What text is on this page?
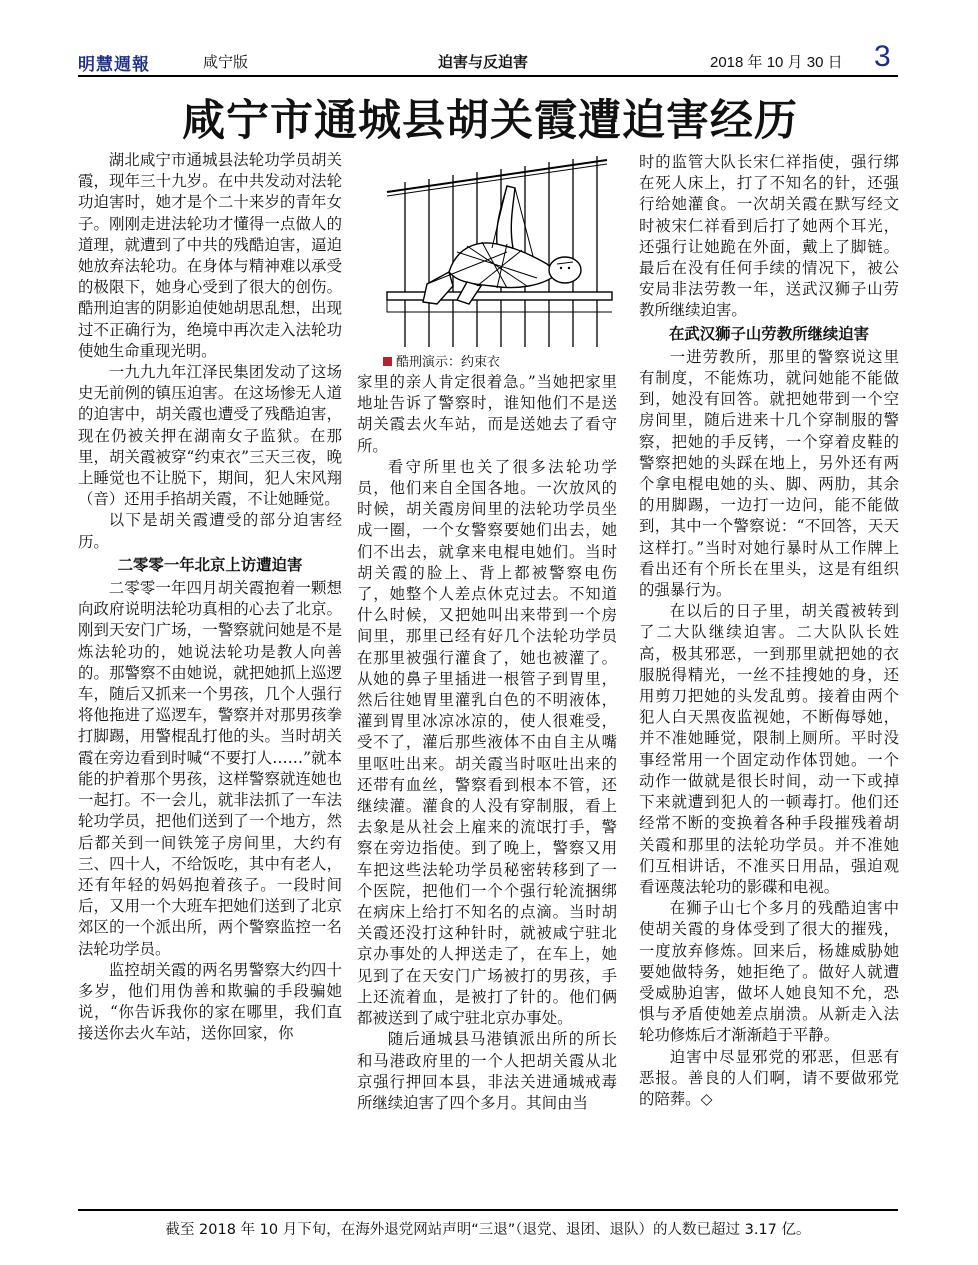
明慧週報	咸宁版	迫害与反迫害	2018 年 10 月 30 日 3
咸宁市通城县胡关霞遭迫害经历

湖北咸宁市通城县法轮功学员胡关霞，现年三十九岁。在中共发动对法轮功迫害时，她才是个二十来岁的青年女子。刚刚走进法轮功才懂得一点做人的道理，就遭到了中共的残酷迫害，逼迫她放弃法轮功。在身体与精神难以承受的极限下，她身心受到了很大的创伤。酷刑迫害的阴影迫使她胡思乱想，出现过不正确行为，绝境中再次走入法轮功使她生命重现光明。

一九九九年江泽民集团发动了这场史无前例的镇压迫害。在这场惨无人道的迫害中，胡关霞也遭受了残酷迫害，现在仍被关押在湖南女子监狱。在那里，胡关霞被穿“约束衣”三天三夜，晚上睡觉也不让脱下，期间，犯人宋风翔（音）还用手掐胡关霞，不让她睡觉。

以下是胡关霞遭受的部分迫害经历。

二零零一年北京上访遭迫害

二零零一年四月胡关霞抱着一颗想向政府说明法轮功真相的心去了北京。刚到天安门广场，一警察就问她是不是炼法轮功的，她说法轮功是教人向善的。那警察不由她说，就把她抓上巡逻车，随后又抓来一个男孩，几个人强行将他拖进了巡逻车，警察并对那男孩拳打脚踢，用警棍乱打他的头。当时胡关霞在旁边看到时喊“不要打人……”就本能的护着那个男孩，这样警察就连她也一起打。不一会儿，就非法抓了一车法轮功学员，把他们送到了一个地方，然后都关到一间铁笼子房间里，大约有三、四十人，不给饭吃，其中有老人，还有年轻的妈妈抱着孩子。一段时间后，又用一个大班车把她们送到了北京郊区的一个派出所，两个警察监控一名法轮功学员。

监控胡关霞的两名男警察大约四十多岁，他们用伪善和欺骗的手段骗她说，“你告诉我你的家在哪里，我们直接送你去火车站，送你回家，你

酷刑演示：约束衣

家里的亲人肯定很着急。”当她把家里地址告诉了警察时，谁知他们不是送胡关霞去火车站，而是送她去了看守所。

看守所里也关了很多法轮功学员，他们来自全国各地。一次放风的时候，胡关霞房间里的法轮功学员坐成一圈，一个女警察要她们出去，她们不出去，就拿来电棍电她们。当时胡关霞的脸上、背上都被警察电伤了，她整个人差点休克过去。不知道什么时候，又把她叫出来带到一个房间里，那里已经有好几个法轮功学员在那里被强行灌食了，她也被灌了。从她的鼻子里插进一根管子到胃里，然后往她胃里灌乳白色的不明液体，灌到胃里冰凉冰凉的，使人很难受，受不了，灌后那些液体不由自主从嘴里呕吐出来。胡关霞当时呕吐出来的还带有血丝，警察看到根本不管，还继续灌。灌食的人没有穿制服，看上去象是从社会上雇来的流氓打手，警察在旁边指使。到了晚上，警察又用车把这些法轮功学员秘密转移到了一个医院，把他们一个个强行轮流捆绑在病床上给打不知名的点滴。当时胡关霞还没打这种针时，就被咸宁驻北京办事处的人押送走了，在车上，她见到了在天安门广场被打的男孩，手上还流着血，是被打了针的。他们俩都被送到了咸宁驻北京办事处。

随后通城县马港镇派出所的所长和马港政府里的一个人把胡关霞从北京强行押回本县，非法关进通城戒毒所继续迫害了四个多月。其间由当

时的监管大队长宋仁祥指使，强行绑在死人床上，打了不知名的针，还强行给她灌食。一次胡关霞在默写经文时被宋仁祥看到后打了她两个耳光，还强行让她跪在外面，戴上了脚链。最后在没有任何手续的情况下，被公安局非法劳教一年，送武汉狮子山劳教所继续迫害。

在武汉狮子山劳教所继续迫害

一进劳教所，那里的警察说这里有制度，不能炼功，就问她能不能做到，她没有回答。就把她带到一个空房间里，随后进来十几个穿制服的警察，把她的手反铐，一个穿着皮鞋的警察把她的头踩在地上，另外还有两个拿电棍电她的头、脚、两肋，其余的用脚踢，一边打一边问，能不能做到，其中一个警察说：“不回答，天天这样打。”当时对她行暴时从工作牌上看出还有个所长在里头，这是有组织的强暴行为。

在以后的日子里，胡关霞被转到了二大队继续迫害。二大队队长姓高，极其邪恶，一到那里就把她的衣服脱得精光，一丝不挂搜她的身，还用剪刀把她的头发乱剪。接着由两个犯人白天黑夜监视她，不断侮辱她，并不准她睡觉，限制上厕所。平时没事经常用一个固定动作体罚她。一个动作一做就是很长时间，动一下或掉下来就遭到犯人的一顿毒打。他们还经常不断的变换着各种手段摧残着胡关霞和那里的法轮功学员。并不准她们互相讲话，不准买日用品，强迫观看诬蔑法轮功的影碟和电视。

在狮子山七个多月的残酷迫害中使胡关霞的身体受到了很大的摧残，一度放弃修炼。回来后，杨雄威胁她要她做特务，她拒绝了。做好人就遭受威胁迫害，做坏人她良知不允，恐惧与矛盾使她差点崩溃。从新走入法轮功修炼后才渐渐趋于平静。

迫害中尽显邪党的邪恶，但恶有恶报。善良的人们啊，请不要做邪党的陪葬。◇

截至 2018 年 10 月下旬，在海外退党网站声明“三退”（退党、退团、退队）的人数已超过 3.17 亿。
